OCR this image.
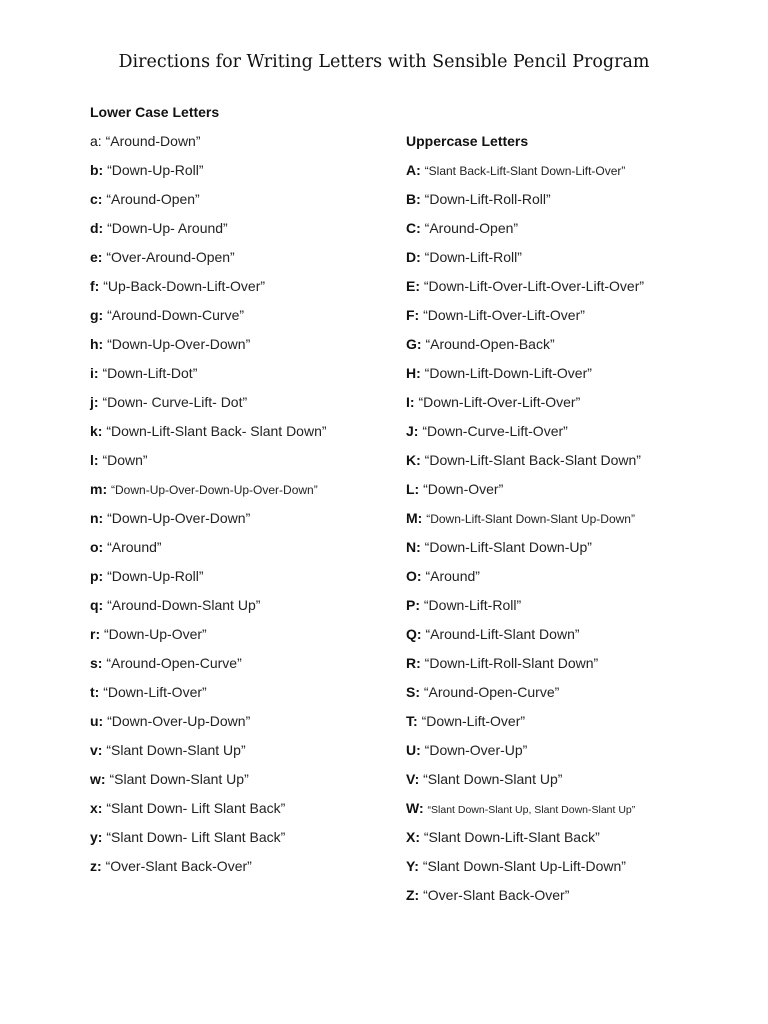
Directions for Writing Letters with Sensible Pencil Program
Lower Case Letters
a: “Around-Down”
b: “Down-Up-Roll”
c: “Around-Open”
d: “Down-Up- Around”
e: “Over-Around-Open”
f: “Up-Back-Down-Lift-Over”
g: “Around-Down-Curve”
h: “Down-Up-Over-Down”
i: “Down-Lift-Dot”
j: “Down- Curve-Lift- Dot”
k: “Down-Lift-Slant Back- Slant Down”
l: “Down”
m: “Down-Up-Over-Down-Up-Over-Down”
n: “Down-Up-Over-Down”
o: “Around”
p: “Down-Up-Roll”
q: “Around-Down-Slant Up”
r: “Down-Up-Over”
s: “Around-Open-Curve”
t: “Down-Lift-Over”
u: “Down-Over-Up-Down”
v: “Slant Down-Slant Up”
w: “Slant Down-Slant Up”
x: “Slant Down- Lift Slant Back”
y: “Slant Down- Lift Slant Back”
z: “Over-Slant Back-Over”
Uppercase Letters
A: “Slant Back-Lift-Slant Down-Lift-Over”
B: “Down-Lift-Roll-Roll”
C: “Around-Open”
D: “Down-Lift-Roll”
E: “Down-Lift-Over-Lift-Over-Lift-Over”
F: “Down-Lift-Over-Lift-Over”
G: “Around-Open-Back”
H: “Down-Lift-Down-Lift-Over”
I: “Down-Lift-Over-Lift-Over”
J: “Down-Curve-Lift-Over”
K: “Down-Lift-Slant Back-Slant Down”
L: “Down-Over”
M: “Down-Lift-Slant Down-Slant Up-Down”
N: “Down-Lift-Slant Down-Up”
O: “Around”
P: “Down-Lift-Roll”
Q: “Around-Lift-Slant Down”
R: “Down-Lift-Roll-Slant Down”
S: “Around-Open-Curve”
T: “Down-Lift-Over”
U: “Down-Over-Up”
V: “Slant Down-Slant Up”
W: “Slant Down-Slant Up, Slant Down-Slant Up”
X: “Slant Down-Lift-Slant Back”
Y: “Slant Down-Slant Up-Lift-Down”
Z: “Over-Slant Back-Over”
